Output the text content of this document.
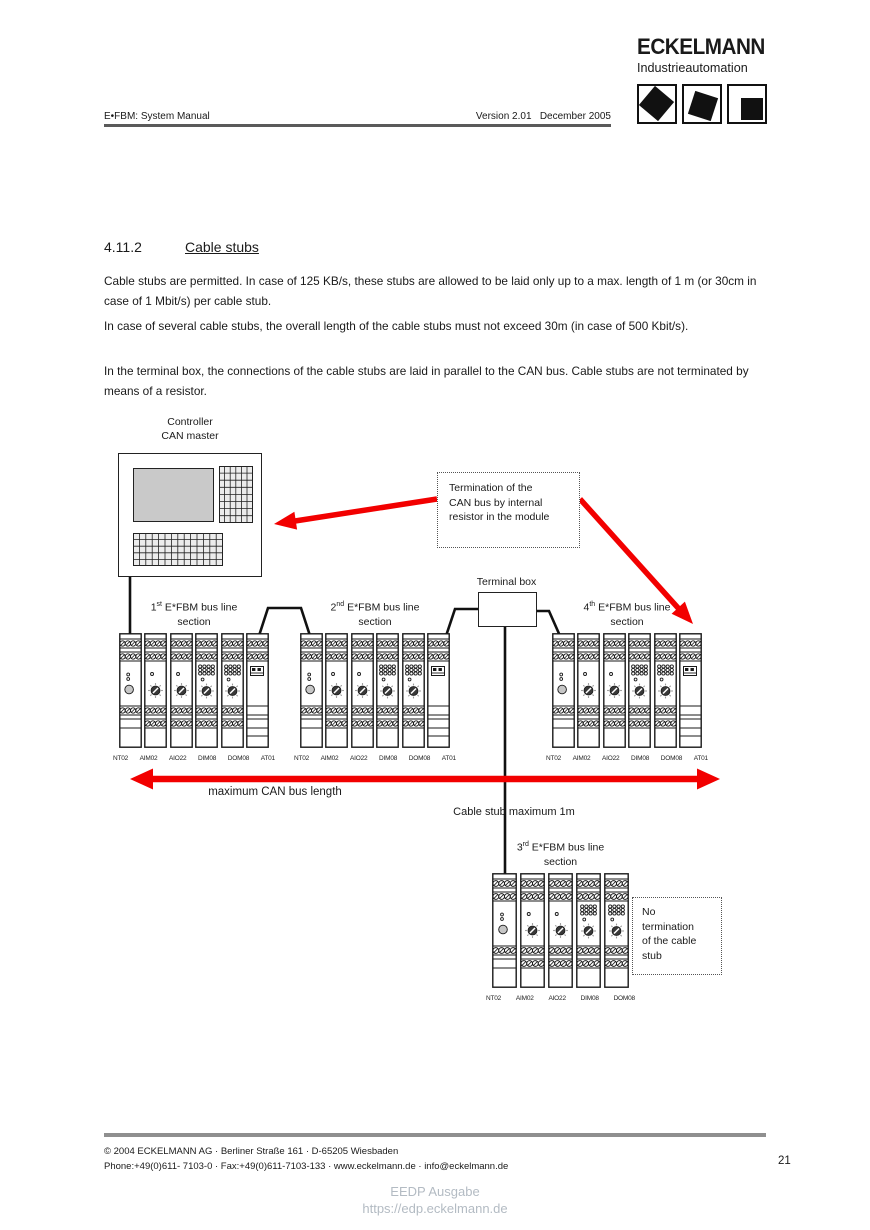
E•FBM: System Manual	Version 2.01   December 2005
ECKELMANN
Industrieautomation
4.11.2	Cable stubs
Cable stubs are permitted. In case of 125 KB/s, these stubs are allowed to be laid only up to a max. length of 1 m (or 30cm in case of 1 Mbit/s) per cable stub.
In case of several cable stubs, the overall length of the cable stubs must not exceed 30m (in case of 500 Kbit/s).
In the terminal box, the connections of the cable stubs are laid in parallel to the CAN bus. Cable stubs are not terminated by means of a resistor.
Controller
CAN master
Termination of the
CAN bus by internal
resistor in the module
Terminal box
1st E*FBM bus line
section
NT02 AIM02 AIO22 DIM08 DOM08 AT01
2nd E*FBM bus line
section
NT02 AIM02 AIO22 DIM08 DOM08 AT01
4th E*FBM bus line
section
NT02 AIM02 AIO22 DIM08 DOM08 AT01
3rd E*FBM bus line
section
NT02 AIM02 AIO22 DIM08 DOM08
maximum CAN bus length
Cable stub maximum 1m
No
termination
of the cable
stub
© 2004 ECKELMANN AG · Berliner Straße 161 · D-65205 Wiesbaden
Phone:+49(0)611- 7103-0 · Fax:+49(0)611-7103-133 · www.eckelmann.de · info@eckelmann.de	21
EEDP Ausgabe
https://edp.eckelmann.de
